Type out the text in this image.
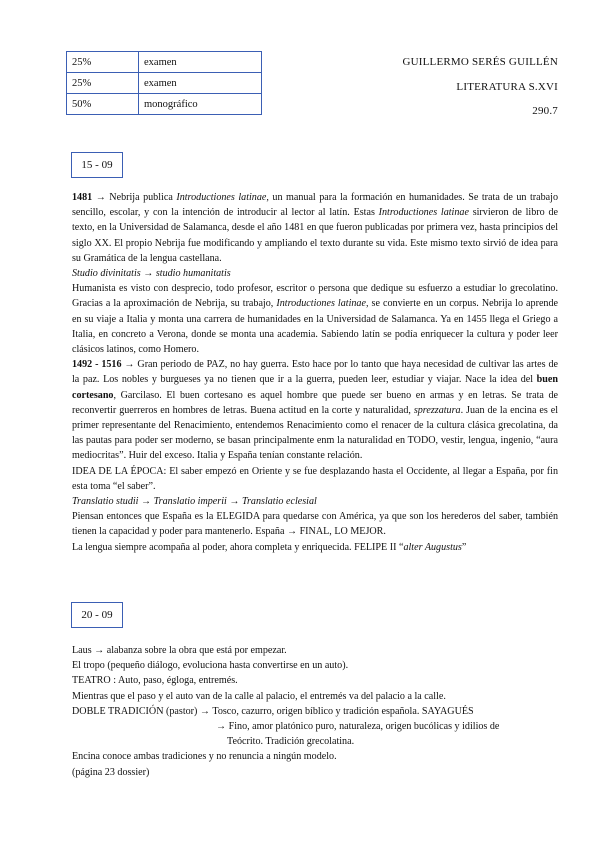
25%	examen
25%	examen
50%	monográfico
GUILLERMO SERÉS GUILLÉN
LITERATURA S.XVI
290.7
15 - 09

1481 → Nebrija publica Introductiones latinae, un manual para la formación en humanidades. Se trata de un trabajo sencillo, escolar, y con la intención de introducir al lector al latín. Estas Introductiones latinae sirvieron de libro de texto, en la Universidad de Salamanca, desde el año 1481 en que fueron publicadas por primera vez, hasta principios del siglo XX. El propio Nebrija fue modificando y ampliando el texto durante su vida. Este mismo texto sirvió de idea para su Gramática de la lengua castellana.

Studio divinitatis → studio humanitatis

Humanista es visto con desprecio, todo profesor, escritor o persona que dedique su esfuerzo a estudiar lo grecolatino. Gracias a la aproximación de Nebrija, su trabajo, Introductiones latinae, se convierte en un corpus. Nebrija lo aprende en su viaje a Italia y monta una carrera de humanidades en la Universidad de Salamanca. Ya en 1455 llega el Griego a Italia, en concreto a Verona, donde se monta una academia. Sabiendo latín se podía enriquecer la cultura y poder leer clásicos latinos, como Homero.

1492 - 1516 → Gran periodo de PAZ, no hay guerra. Esto hace por lo tanto que haya necesidad de cultivar las artes de la paz. Los nobles y burgueses ya no tienen que ir a la guerra, pueden leer, estudiar y viajar. Nace la idea del buen cortesano, Garcilaso. El buen cortesano es aquel hombre que puede ser bueno en armas y en letras. Se trata de reconvertir guerreros en hombres de letras. Buena actitud en la corte y naturalidad, sprezzatura. Juan de la encina es el primer representante del Renacimiento, entendemos Renacimiento como el renacer de la cultura clásica grecolatina, da las pautas para poder ser moderno, se basan principalmente enm la naturalidad en TODO, vestir, lengua, ingenio, “aura mediocritas”. Huir del exceso. Italia y España tenían constante relación.

IDEA DE LA ÉPOCA: El saber empezó en Oriente y se fue desplazando hasta el Occidente, al llegar a España, por fin esta toma “el saber”.

Translatio studii → Translatio imperii → Translatio eclesial

Piensan entonces que España es la ELEGIDA para quedarse con América, ya que son los herederos del saber, también tienen la capacidad y poder para mantenerlo. España → FINAL, LO MEJOR.

La lengua siempre acompaña al poder, ahora completa y enriquecida. FELIPE II “alter Augustus”

20 - 09

Laus → alabanza sobre la obra que está por empezar.

El tropo (pequeño diálogo, evoluciona hasta convertirse en un auto).

TEATRO : Auto, paso, égloga, entremés.

Mientras que el paso y el auto van de la calle al palacio, el entremés va del palacio a la calle.

DOBLE TRADICIÓN (pastor) → Tosco, cazurro, origen bíblico y tradición española. SAYAGUÉS

→ Fino, amor platónico puro, naturaleza, origen bucólicas y idilios de

Teócrito. Tradición grecolatina.

Encina conoce ambas tradiciones y no renuncia a ningún modelo.

(página 23 dossier)
